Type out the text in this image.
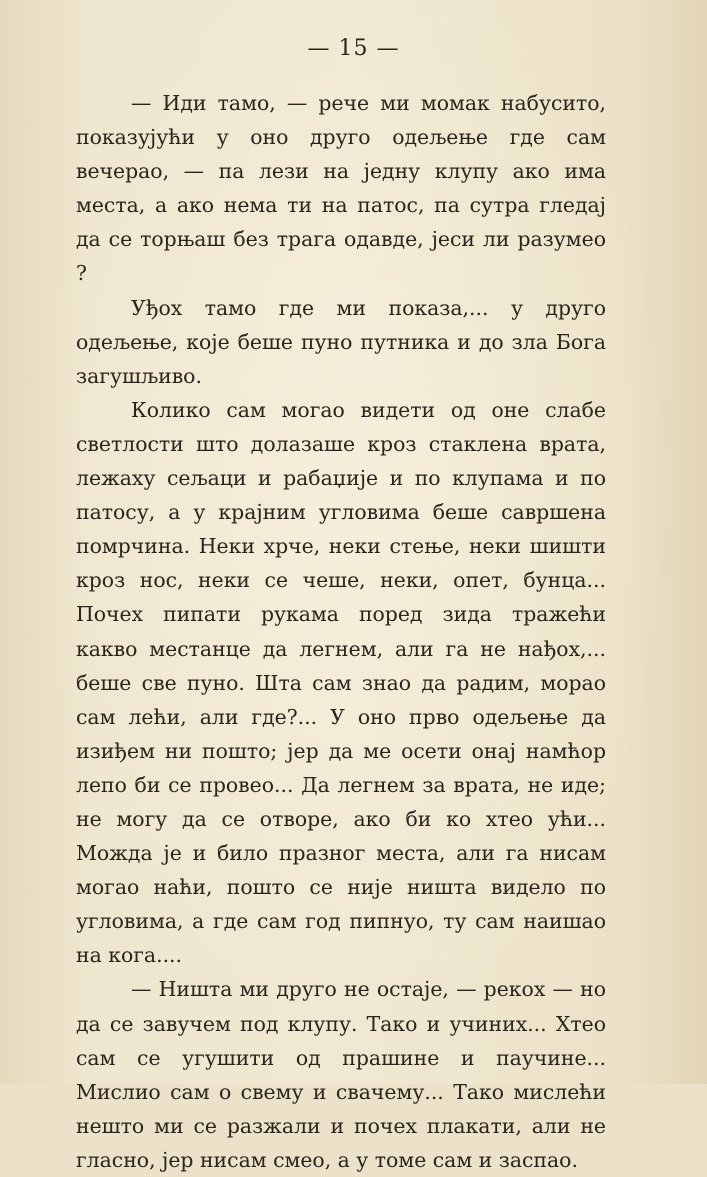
— 15 —

— Иди тамо, — рече ми момак набусито, показујући у оно друго одељење где сам вечерао, — па лези на једну клупу ако има места, а ако нема ти на патос, па сутра гледај да се торњаш без трага одавде, јеси ли разумео ?

Уђох тамо где ми показа,... у друго одељење, које беше пуно путника и до зла Бога загушљиво.

Колико сам могао видети од оне слабе светлости што долазаше кроз стаклена врата, лежаху сељаци и рабаџије и по клупама и по патосу, а у крајним угловима беше савршена помрчина. Неки хрче, неки стење, неки шишти кроз нос, неки се чеше, неки, опет, бунца... Почех пипати рукама поред зида тражећи какво местанце да легнем, али га не нађох,... беше све пуно. Шта сам знао да радим, морао сам лећи, али где?... У оно прво одељење да изиђем ни пошто; јер да ме осети онај намћор лепо би се провео... Да легнем за врата, не иде; не могу да се отворе, ако би ко хтео ући... Можда је и било празног места, али га нисам могао наћи, пошто се није ништа видело по угловима, а где сам год пипнуо, ту сам наишао на кога....

— Ништа ми друго не остаје, — рекох — но да се завучем под клупу. Тако и учиних... Хтео сам се угушити од прашине и паучине... Мислио сам о свему и свачему... Тако мислећи нешто ми се разжали и почех плакати, али не гласно, јер нисам смео, а у томе сам и заспао.
